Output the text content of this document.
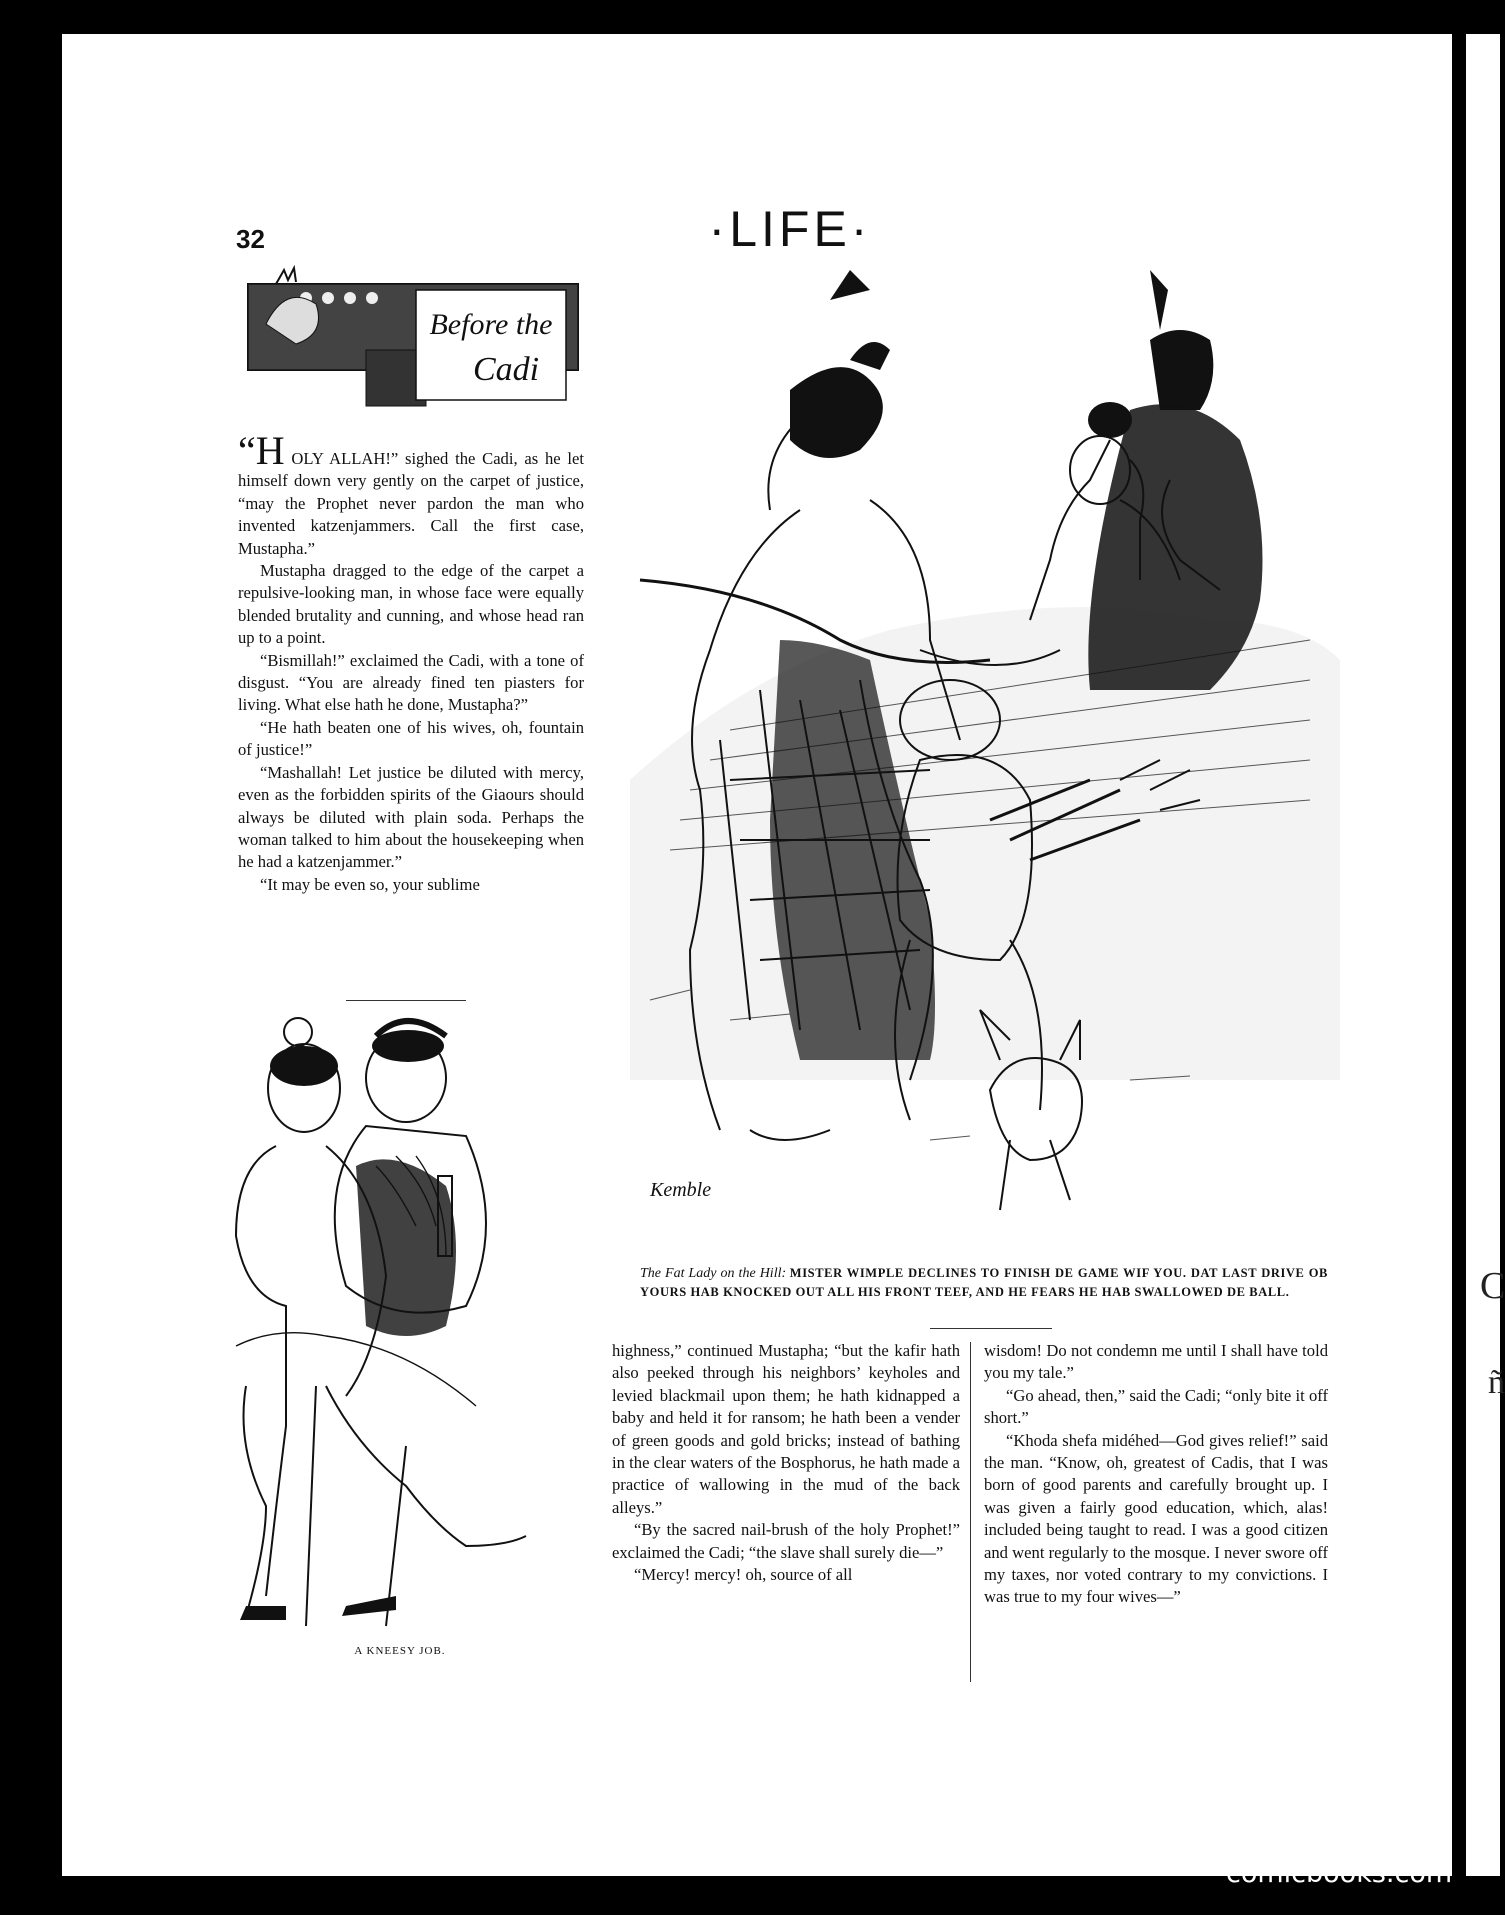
C
ñ
32	·LIFE·
Before the
Cadi

“H OLY ALLAH!” sighed the Cadi, as he let himself down very gently on the carpet of justice, “may the Prophet never pardon the man who invented katzenjammers. Call the first case, Mustapha.”

Mustapha dragged to the edge of the carpet a repulsive-looking man, in whose face were equally blended brutality and cunning, and whose head ran up to a point.

“Bismillah!” exclaimed the Cadi, with a tone of disgust. “You are already fined ten piasters for living. What else hath he done, Mustapha?”

“He hath beaten one of his wives, oh, fountain of justice!”

“Mashallah! Let justice be diluted with mercy, even as the forbidden spirits of the Giaours should always be diluted with plain soda. Perhaps the woman talked to him about the housekeeping when he had a katzenjammer.”

“It may be even so, your sublime

A KNEESY JOB.
Kemble
The Fat Lady on the Hill: MISTER WIMPLE DECLINES TO FINISH DE GAME WIF YOU. DAT LAST DRIVE OB YOURS HAB KNOCKED OUT ALL HIS FRONT TEEF, AND HE FEARS HE HAB SWALLOWED DE BALL.

highness,” continued Mustapha; “but the kafir hath also peeked through his neighbors’ keyholes and levied blackmail upon them; he hath kidnapped a baby and held it for ransom; he hath been a vender of green goods and gold bricks; instead of bathing in the clear waters of the Bosphorus, he hath made a practice of wallowing in the mud of the back alleys.”

“By the sacred nail-brush of the holy Prophet!” exclaimed the Cadi; “the slave shall surely die—”

“Mercy! mercy! oh, source of all

wisdom! Do not condemn me until I shall have told you my tale.”

“Go ahead, then,” said the Cadi; “only bite it off short.”

“Khoda shefa midéhed—God gives relief!” said the man. “Know, oh, greatest of Cadis, that I was born of good parents and carefully brought up. I was given a fairly good education, which, alas! included being taught to read. I was a good citizen and went regularly to the mosque. I never swore off my taxes, nor voted contrary to my convictions. I was true to my four wives—”

comicbooks.com
